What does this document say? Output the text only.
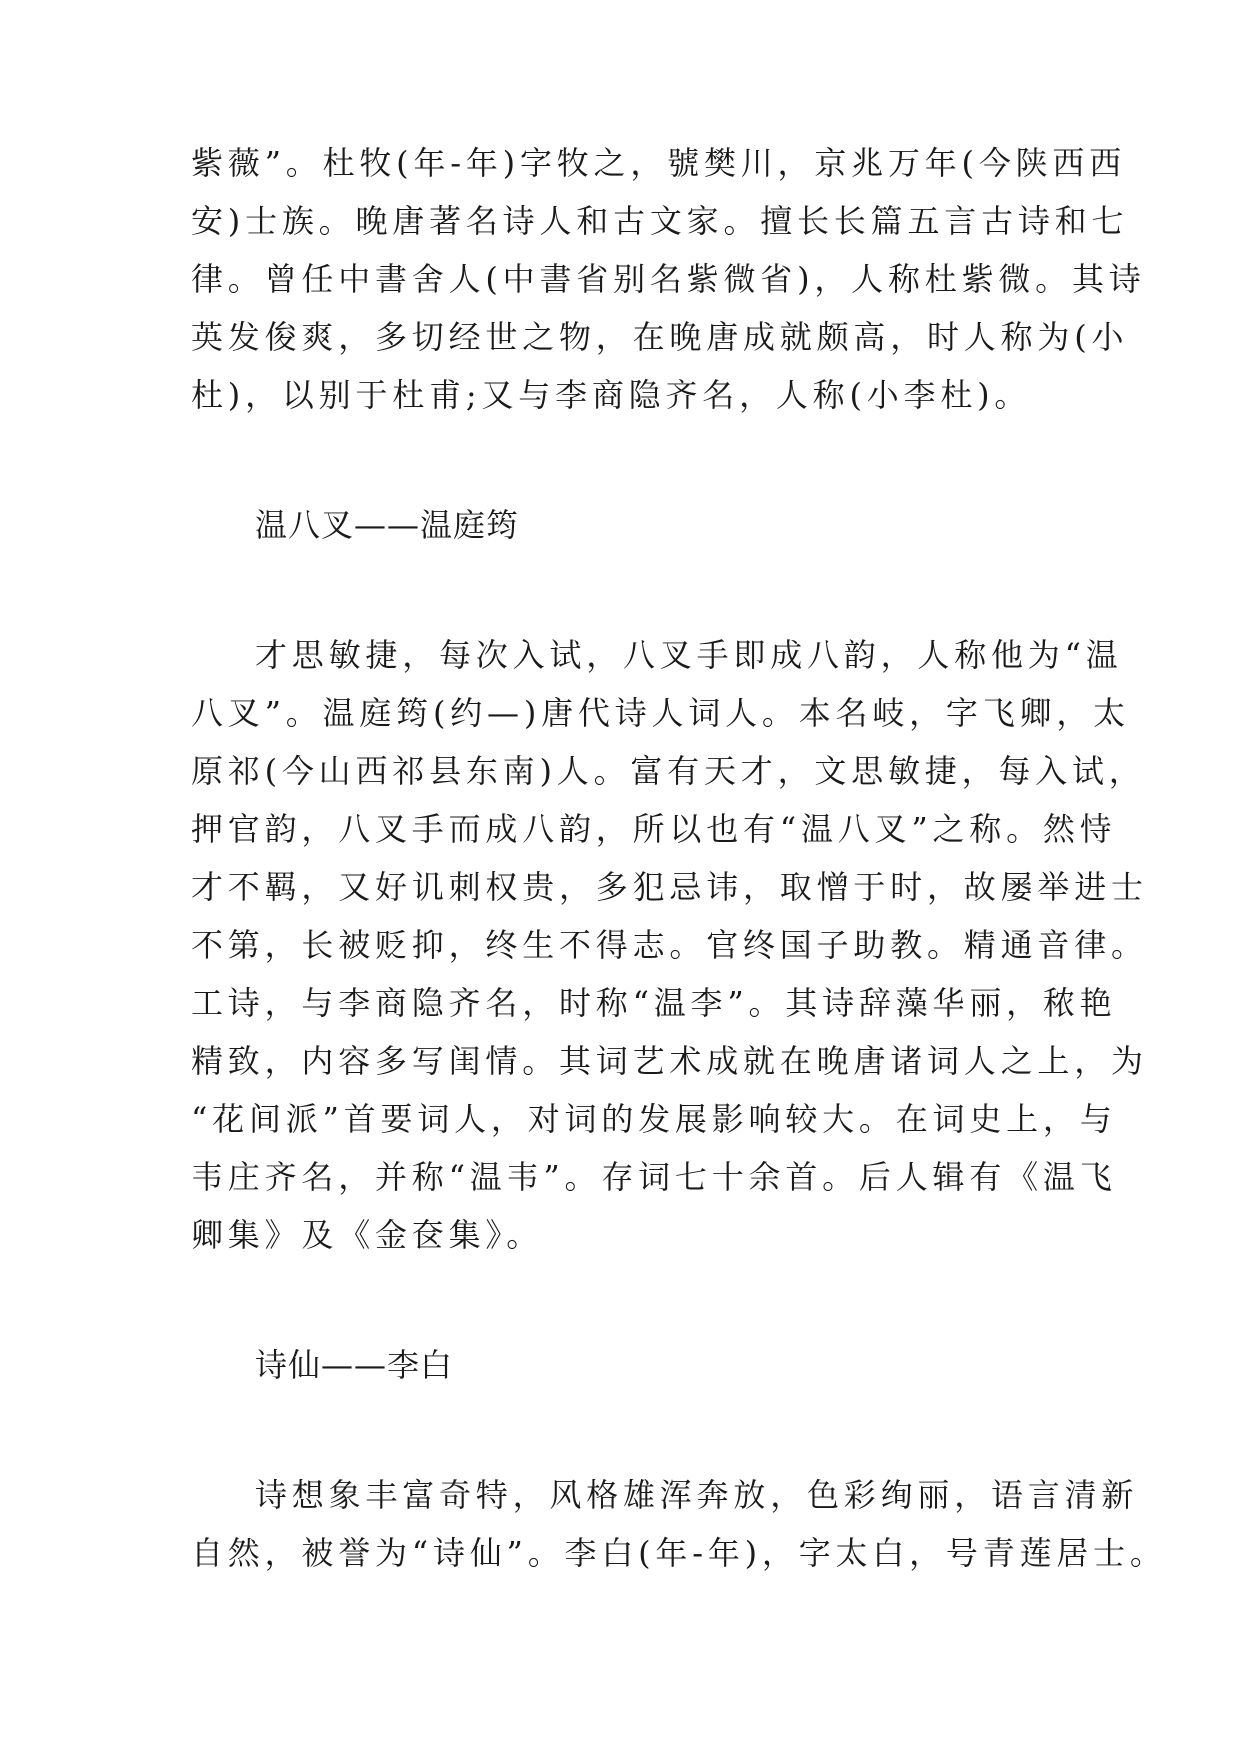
紫薇”。杜牧(年-年)字牧之，號樊川，京兆万年(今陕西西
安)士族。晚唐著名诗人和古文家。擅长长篇五言古诗和七
律。曾任中書舍人(中書省别名紫微省)，人称杜紫微。其诗
英发俊爽，多切经世之物，在晚唐成就颇高，时人称为(小
杜)，以别于杜甫;又与李商隐齐名，人称(小李杜)。
温八叉——温庭筠
才思敏捷，每次入试，八叉手即成八韵，人称他为“温
八叉”。温庭筠(约—)唐代诗人词人。本名岐，字飞卿，太
原祁(今山西祁县东南)人。富有天才，文思敏捷，每入试，
押官韵，八叉手而成八韵，所以也有“温八叉”之称。然恃
才不羁，又好讥刺权贵，多犯忌讳，取憎于时，故屡举进士
不第，长被贬抑，终生不得志。官终国子助教。精通音律。
工诗，与李商隐齐名，时称“温李”。其诗辞藻华丽，秾艳
精致，内容多写闺情。其词艺术成就在晚唐诸词人之上，为
“花间派”首要词人，对词的发展影响较大。在词史上，与
韦庄齐名，并称“温韦”。存词七十余首。后人辑有《温飞
卿集》及《金奁集》。
诗仙——李白
诗想象丰富奇特，风格雄浑奔放，色彩绚丽，语言清新
自然，被誉为“诗仙”。李白(年-年)，字太白，号青莲居士。
